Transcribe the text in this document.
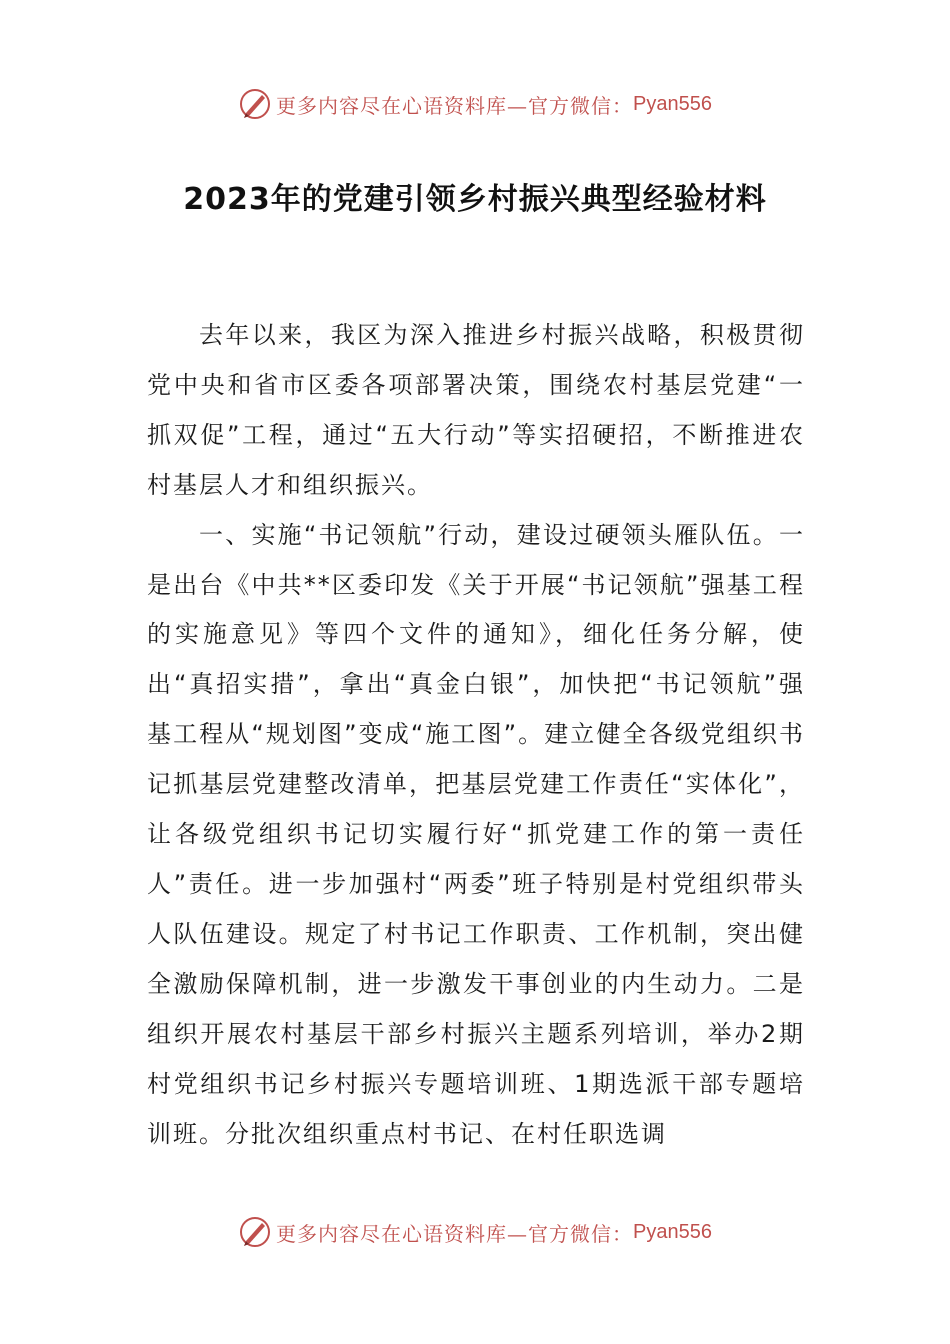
更多内容尽在心语资料库—官方微信： Pyan556
2023年的党建引领乡村振兴典型经验材料

去年以来，我区为深入推进乡村振兴战略，积极贯彻党中央和省市区委各项部署决策，围绕农村基层党建“一抓双促”工程，通过“五大行动”等实招硬招，不断推进农村基层人才和组织振兴。

一、实施“书记领航”行动，建设过硬领头雁队伍。一是出台《中共**区委印发《关于开展“书记领航”强基工程的实施意见》等四个文件的通知》，细化任务分解，使出“真招实措”，拿出“真金白银”，加快把“书记领航”强基工程从“规划图”变成“施工图”。建立健全各级党组织书记抓基层党建整改清单，把基层党建工作责任“实体化”，让各级党组织书记切实履行好“抓党建工作的第一责任人”责任。进一步加强村“两委”班子特别是村党组织带头人队伍建设。规定了村书记工作职责、工作机制，突出健全激励保障机制，进一步激发干事创业的内生动力。二是组织开展农村基层干部乡村振兴主题系列培训，举办2期村党组织书记乡村振兴专题培训班、1期选派干部专题培训班。分批次组织重点村书记、在村任职选调

更多内容尽在心语资料库—官方微信： Pyan556
